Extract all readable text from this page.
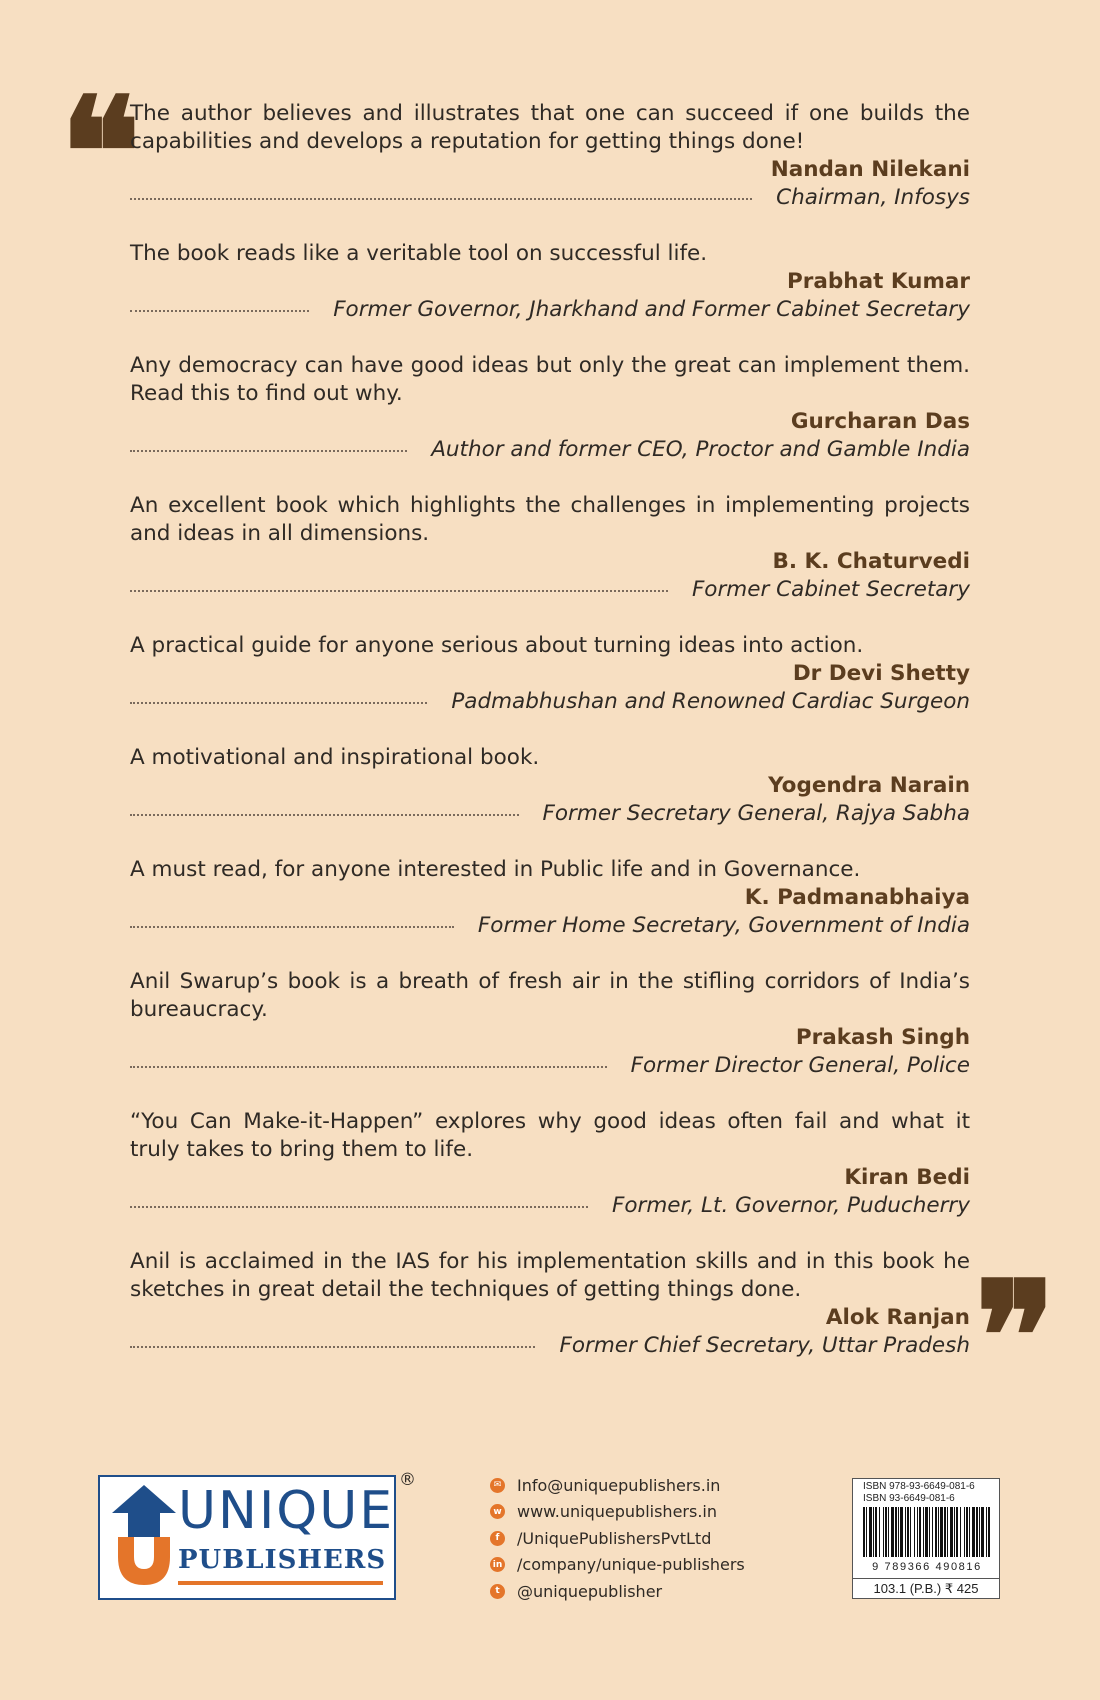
❝
The author believes and illustrates that one can succeed if one builds the capabilities and develops a reputation for getting things done!
Nandan Nilekani
Chairman, Infosys
The book reads like a veritable tool on successful life.
Prabhat Kumar
Former Governor, Jharkhand and Former Cabinet Secretary
Any democracy can have good ideas but only the great can implement them. Read this to find out why.
Gurcharan Das
Author and former CEO, Proctor and Gamble India
An excellent book which highlights the challenges in implementing projects and ideas in all dimensions.
B. K. Chaturvedi
Former Cabinet Secretary
A practical guide for anyone serious about turning ideas into action.
Dr Devi Shetty
Padmabhushan and Renowned Cardiac Surgeon
A motivational and inspirational book.
Yogendra Narain
Former Secretary General, Rajya Sabha
A must read, for anyone interested in Public life and in Governance.
K. Padmanabhaiya
Former Home Secretary, Government of India
Anil Swarup’s book is a breath of fresh air in the stifling corridors of India’s bureaucracy.
Prakash Singh
Former Director General, Police
“You Can Make-it-Happen” explores why good ideas often fail and what it truly takes to bring them to life.
Kiran Bedi
Former, Lt. Governor, Puducherry
Anil is acclaimed in the IAS for his implementation skills and in this book he sketches in great detail the techniques of getting things done.
Alok Ranjan
Former Chief Secretary, Uttar Pradesh ❞
UNIQUE
PUBLISHERS
®	✉ Info@uniquepublishers.in
w www.uniquepublishers.in
f	/UniquePublishersPvtLtd
in /company/unique-publishers
t	@uniquepublisher
ISBN 978-93-6649-081-6
ISBN 93-6649-081-6
9 789366 490816
103.1 (P.B.) ₹ 425
